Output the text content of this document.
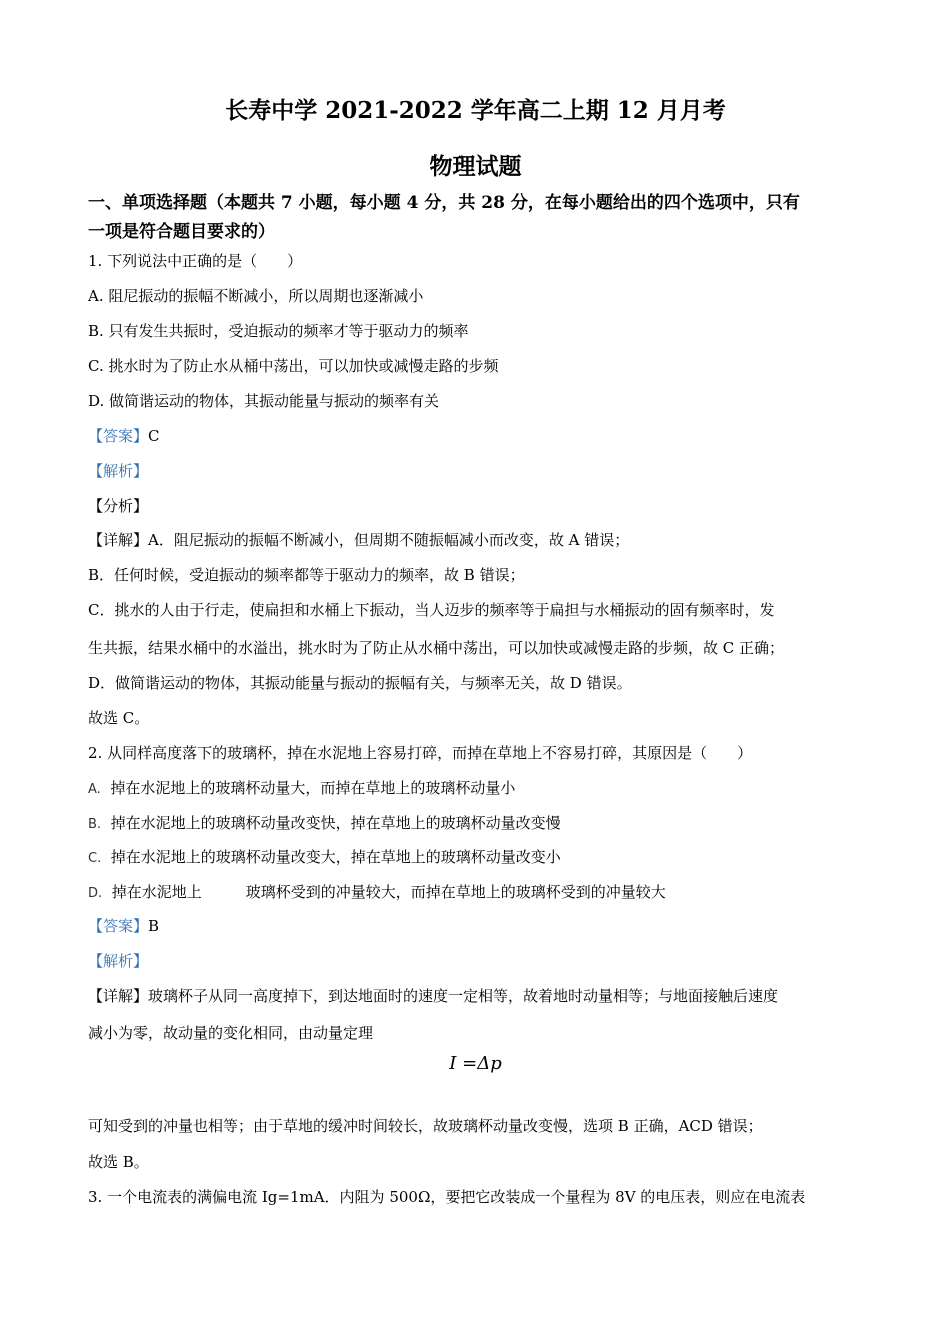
长寿中学 2021-2022 学年高二上期 12 月月考
物理试题
一、单项选择题（本题共 7 小题，每小题 4 分，共 28 分，在每小题给出的四个选项中，只有
一项是符合题目要求的）
1. 下列说法中正确的是（　　）
A. 阻尼振动的振幅不断减小，所以周期也逐渐减小
B. 只有发生共振时，受迫振动的频率才等于驱动力的频率
C. 挑水时为了防止水从桶中荡出，可以加快或减慢走路的步频
D. 做简谐运动的物体，其振动能量与振动的频率有关
【答案】C
【解析】
【分析】
【详解】A．阻尼振动的振幅不断减小，但周期不随振幅减小而改变，故 A 错误；
B．任何时候，受迫振动的频率都等于驱动力的频率，故 B 错误；
C．挑水的人由于行走，使扁担和水桶上下振动，当人迈步的频率等于扁担与水桶振动的固有频率时，发
生共振，结果水桶中的水溢出，挑水时为了防止从水桶中荡出，可以加快或减慢走路的步频，故 C 正确；
D．做简谐运动的物体，其振动能量与振动的振幅有关，与频率无关，故 D 错误。
故选 C。
2. 从同样高度落下的玻璃杯，掉在水泥地上容易打碎，而掉在草地上不容易打碎，其原因是（　　）
A. 掉在水泥地上的玻璃杯动量大，而掉在草地上的玻璃杯动量小
B. 掉在水泥地上的玻璃杯动量改变快，掉在草地上的玻璃杯动量改变慢
C. 掉在水泥地上的玻璃杯动量改变大，掉在草地上的玻璃杯动量改变小
D. 掉在水泥地上	玻璃杯受到的冲量较大，而掉在草地上的玻璃杯受到的冲量较大
【答案】B
【解析】
【详解】玻璃杯子从同一高度掉下，到达地面时的速度一定相等，故着地时动量相等；与地面接触后速度
减小为零，故动量的变化相同，由动量定理
I =Δp
可知受到的冲量也相等；由于草地的缓冲时间较长，故玻璃杯动量改变慢，选项 B 正确，ACD 错误；
故选 B。
3. 一个电流表的满偏电流 Ig=1mA．内阻为 500Ω，要把它改装成一个量程为 8V 的电压表，则应在电流表
